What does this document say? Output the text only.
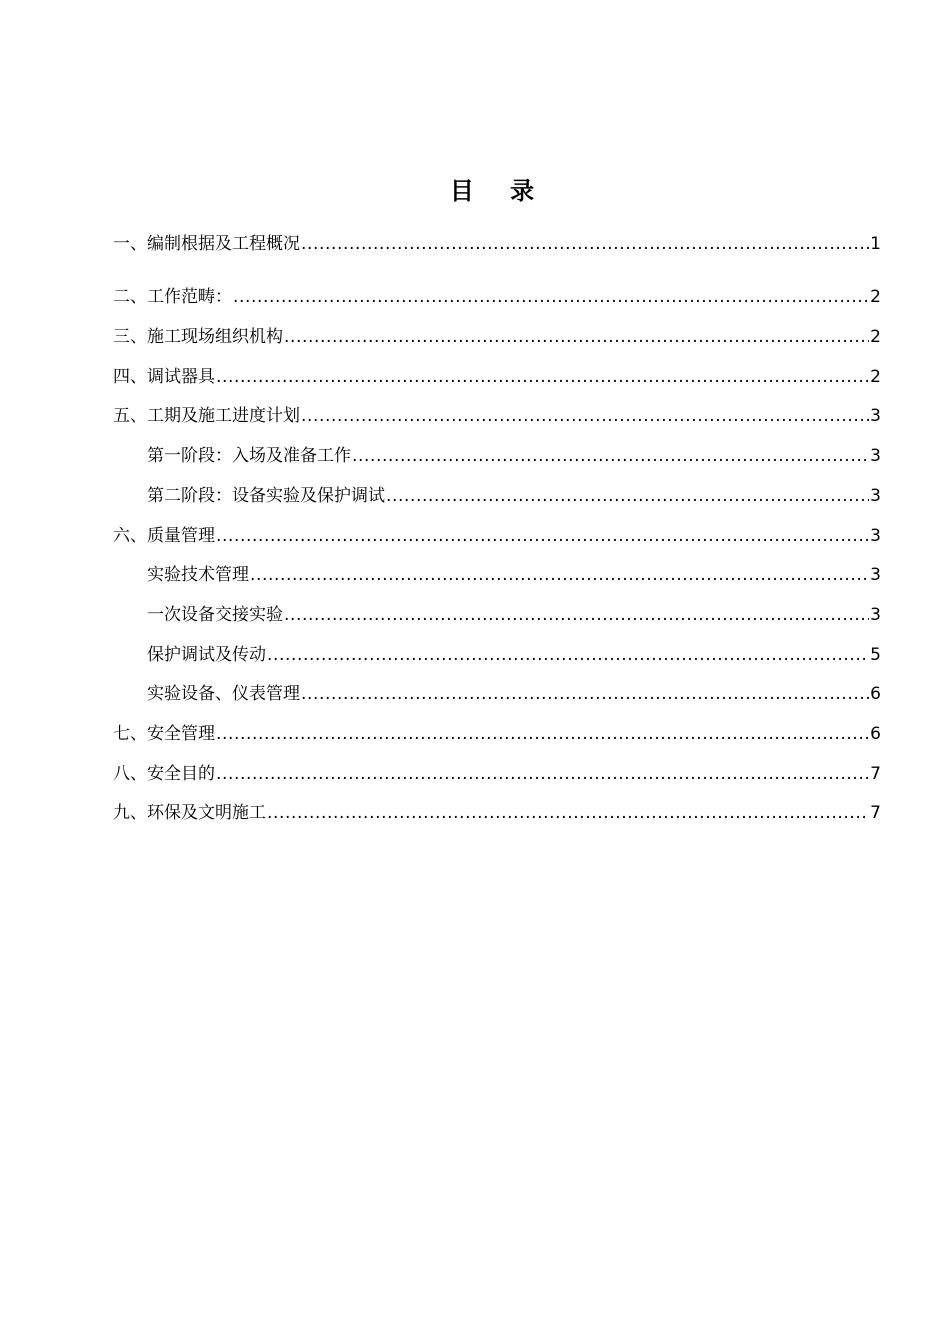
目 录
一、编制根据及工程概况 .....	1
二、工作范畴： .....	2
三、施工现场组织机构 .....	2
四、调试器具 .....	2
五、工期及施工进度计划 .....	3
第一阶段：入场及准备工作 .....	3
第二阶段：设备实验及保护调试 .....	3
六、质量管理 .....	3
实验技术管理 .....	3
一次设备交接实验 .....	3
保护调试及传动 .....	5
实验设备、仪表管理 .....	6
七、安全管理 .....	6
八、安全目的 .....	7
九、环保及文明施工 .....	7
